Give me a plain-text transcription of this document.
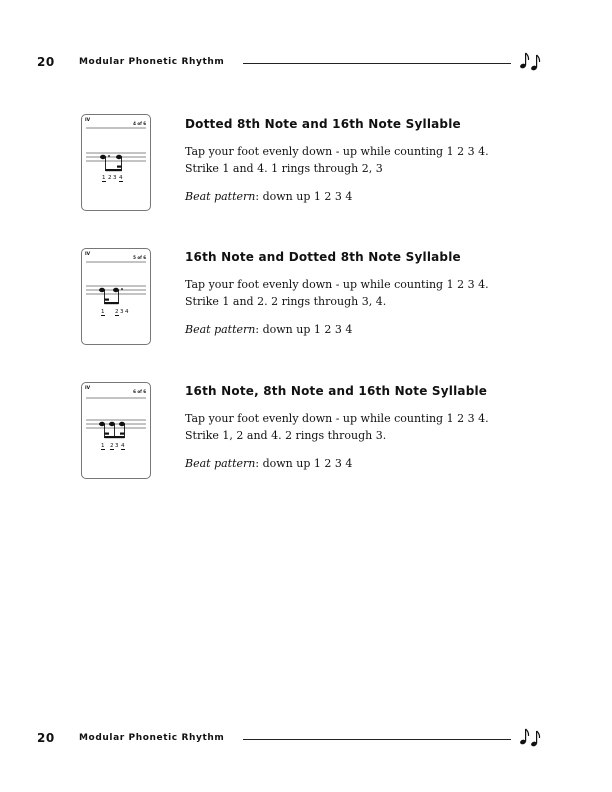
20	Modular Phonetic Rhythm
IV
4 of 6
1 2 3 4
Dotted 8th Note and 16th Note Syllable

Tap your foot evenly down - up while counting 1 2 3 4. Strike 1 and 4. 1 rings through 2, 3

Beat pattern: down up 1 2 3 4

IV
5 of 6
1 2 3 4
16th Note and Dotted 8th Note Syllable

Tap your foot evenly down - up while counting 1 2 3 4. Strike 1 and 2. 2 rings through 3, 4.

Beat pattern: down up 1 2 3 4

IV
6 of 6
1 2 3 4
16th Note, 8th Note and 16th Note Syllable

Tap your foot evenly down - up while counting 1 2 3 4. Strike 1, 2 and 4. 2 rings through 3.

Beat pattern: down up 1 2 3 4

20	Modular Phonetic Rhythm
